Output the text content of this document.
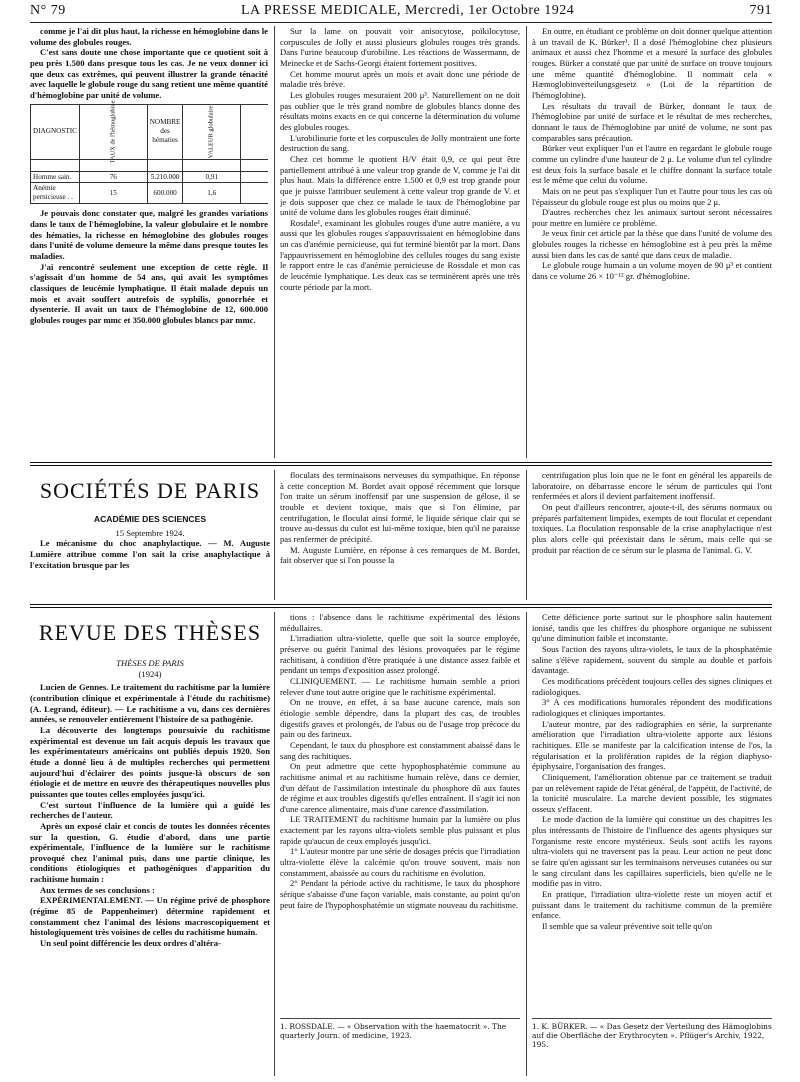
N° 79	LA PRESSE MEDICALE, Mercredi, 1er Octobre 1924	791

comme je l'ai dit plus haut, la richesse en hémoglobine dans le volume des globules rouges.

C'est sans doute une chose importante que ce quotient soit à peu près 1.500 dans presque tous les cas. Je ne veux donner ici que deux cas extrêmes, qui peuvent illustrer la grande ténacité avec laquelle le globule rouge du sang retient une même quantité d'hémoglobine par unité de volume.

DIAGNOSTIC	TAUX de l'hémoglobine	NOMBRE des hématies	VALEUR globulaire			

Homme sain.	76	5.210.000	0,91			
Anémie pernicieuse . .	15	600.000	1,6			

Je pouvais donc constater que, malgré les grandes variations dans le taux de l'hémoglobine, la valeur globulaire et le nombre des hématies, la richesse en hémoglobine des globules rouges dans l'unité de volume demeure la même dans presque toutes les maladies.

J'ai rencontré seulement une exception de cette règle. Il s'agissait d'un homme de 54 ans, qui avait les symptômes classiques de leucémie lymphatique. Il était malade depuis un mois et avait souffert autrefois de syphilis, gonorrhée et dysenterie. Il avait un taux de l'hémoglobine de 12, 600.000 globules rouges par mmc et 350.000 globules blancs par mmc.

Sur la lame on pouvait voir anisocytose, poïkilocytose, corpuscules de Jolly et aussi plusieurs globules rouges très grands. Dans l'urine beaucoup d'urobiline. Les réactions de Wassermann, de Meinecke et de Sachs-Georgi étaient fortement positives.

Cet homme mourut après un mois et avait donc une période de maladie très brève.

Les globules rouges mesuraient 200 μ³. Naturellement on ne doit pas oublier que le très grand nombre de globules blancs donne des résultats moins exacts en ce qui concerne la détermination du volume des globules rouges.

L'urobilinurie forte et les corpuscules de Jolly montraient une forte destruction du sang.

Chez cet homme le quotient H/V était 0,9, ce qui peut être partiellement attribué à une valeur trop grande de V, comme je l'ai dit plus haut. Mais la différence entre 1.500 et 0,9 est trop grande pour que je puisse l'attribuer seulement à cette valeur trop grande de V. et je dois supposer que chez ce malade le taux de l'hémoglobine par unité de volume dans les globules rouges était diminué.

Rosdale¹, examinant les globules rouges d'une autre manière, a vu aussi que les globules rouges s'appauvrissaient en hémoglobine dans un cas d'anémie pernicieuse, qui fut terminé bientôt par la mort. Dans l'appauvrissement en hémoglobine des cellules rouges du sang existe le rapport entre le cas d'anémie pernicieuse de Rossdale et mon cas de leucémie lymphatique. Les deux cas se terminèrent après une très courte période par la mort.

En outre, en étudiant ce problème on doit donner quelque attention à un travail de K. Bürker¹. Il a dosé l'hémoglobine chez plusieurs animaux et aussi chez l'homme et a mesuré la surface des globules rouges. Bürker a constaté que par unité de surface on trouve toujours une même quantité d'hémoglobine. Il nommait cela « Hæmoglobinverteilungsgesetz » (Loi de la répartition de l'hémoglobine).

Les résultats du travail de Bürker, donnant le taux de l'hémoglobine par unité de surface et le résultat de mes recherches, donnant le taux de l'hémoglobine par unité de volume, ne sont pas comparables sans précaution.

Bürker veut expliquer l'un et l'autre en regardant le globule rouge comme un cylindre d'une hauteur de 2 μ. Le volume d'un tel cylindre est deux fois la surface basale et le chiffre donnant la surface totale est le même que celui du volume.

Mais on ne peut pas s'expliquer l'un et l'autre pour tous les cas où l'épaisseur du globule rouge est plus ou moins que 2 μ.

D'autres recherches chez les animaux surtout seront nécessaires pour mettre en lumière ce problème.

Je veux finir cet article par la thèse que dans l'unité de volume des globules rouges la richesse en hémoglobine est à peu près la même aussi bien dans les cas de santé que dans ceux de maladie.

Le globule rouge humain a un volume moyen de 90 μ³ et contient dans ce volume 26 × 10⁻¹² gr. d'hémoglobine.

SOCIÉTÉS DE PARIS
ACADÉMIE DES SCIENCES

15 Septembre 1924.

Le mécanisme du choc anaphylactique. — M. Auguste Lumière attribue comme l'on sait la crise anaphylactique à l'excitation brusque par les

floculats des terminaisons nerveuses du sympathique. En réponse à cette conception M. Bordet avait opposé récemment que lorsque l'on traite un sérum inoffensif par une suspension de gélose, il se trouble et devient toxique, mais que si l'on élimine, par centrifugation, le floculat ainsi formé, le liquide sérique clair qui se trouve au-dessus du culot est lui-même toxique, bien qu'il ne paraisse pas renfermer de précipité.

M. Auguste Lumière, en réponse à ces remarques de M. Bordet, fait observer que si l'on pousse la

centrifugation plus loin que ne le font en général les appareils de laboratoire, on débarrasse encore le sérum de particules qui l'ont renfermées et alors il devient parfaitement inoffensif.

On peut d'ailleurs rencontrer, ajoute-t-il, des sérums normaux ou préparés parfaitement limpides, exempts de tout floculat et cependant toxiques. La floculation responsable de la crise anaphylactique n'est plus alors celle qui préexistait dans le sérum, mais celle qui se produit par réaction de ce sérum sur le plasma de l'animal. G. V.

REVUE DES THÈSES

THÈSES DE PARIS

(1924)

Lucien de Gennes. Le traitement du rachitisme par la lumière (contribution clinique et expérimentale à l'étude du rachitisme) (A. Legrand, éditeur). — Le rachitisme a vu, dans ces dernières années, se renouveler entièrement l'histoire de sa pathogénie.

La découverte des longtemps poursuivie du rachitisme expérimental est devenue un fait acquis depuis les travaux que les expérimentateurs américains ont publiés depuis 1920. Son étude a donné lieu à de multiples recherches qui permettent aujourd'hui d'éclairer des points jusque-là obscurs de son étiologie et de mettre en œuvre des thérapeutiques nouvelles plus puissantes que toutes celles employées jusqu'ici.

C'est surtout l'influence de la lumière qui a guidé les recherches de l'auteur.

Après un exposé clair et concis de toutes les données récentes sur la question, G. étudie d'abord, dans une partie expérimentale, l'influence de la lumière sur le rachitisme provoqué chez l'animal puis, dans une partie clinique, les conditions étiologiques et pathogéniques d'apparition du rachitisme humain :

Aux termes de ses conclusions :

EXPÉRIMENTALEMENT. — Un régime privé de phosphore (régime 85 de Pappenheimer) détermine rapidement et constamment chez l'animal des lésions macroscopiquement et histologiquement très voisines de celles du rachitisme humain.

Un seul point différencie les deux ordres d'altéra-

tions : l'absence dans le rachitisme expérimental des lésions médullaires.

L'irradiation ultra-violette, quelle que soit la source employée, préserve ou guérit l'animal des lésions provoquées par le régime rachitisant, à condition d'être pratiquée à une distance assez faible et pendant un temps d'exposition assez prolongé.

CLINIQUEMENT. — Le rachitisme humain semble a priori relever d'une tout autre origine que le rachitisme expérimental.

On ne trouve, en effet, à sa base aucune carence, mais son étiologie semble dépendre, dans la plupart des cas, de troubles digestifs graves et prolongés, de l'abus ou de l'usage trop précoce du pain ou des farineux.

Cependant, le taux du phosphore est constamment abaissé dans le sang des rachitiques.

On peut admettre que cette hypophosphatémie commune au rachitisme animal et au rachitisme humain relève, dans ce dernier, d'un défaut de l'assimilation intestinale du phosphore dû aux fautes de régime et aux troubles digestifs qu'elles entraînent. Il s'agit ici non d'une carence alimentaire, mais d'une carence d'assimilation.

LE TRAITEMENT du rachitisme humain par la lumière ou plus exactement par les rayons ultra-violets semble plus puissant et plus rapide qu'aucun de ceux employés jusqu'ici.

1° L'auteur montre par une série de dosages précis que l'irradiation ultra-violette élève la calcémie qu'on trouve souvent, mais non constamment, abaissée au cours du rachitisme en évolution.

2° Pendant la période active du rachitisme, le taux du phosphore sérique s'abaisse d'une façon variable, mais constante, au point qu'on peut faire de l'hypophosphatémie un stigmate nouveau du rachitisme.

1. ROSSDALE. — « Observation with the haematocrit ». The quarterly Journ. of medicine, 1923.

Cette déficience porte surtout sur le phosphore salin hautement ionisé, tandis que les chiffres du phosphore organique ne subissent qu'une diminution faible et inconstante.

Sous l'action des rayons ultra-violets, le taux de la phosphatémie saline s'élève rapidement, souvent du simple au double et parfois davantage.

Ces modifications précèdent toujours celles des signes cliniques et radiologiques.

3° A ces modifications humorales répondent des modifications radiologiques et cliniques importantes.

L'auteur montre, par des radiographies en série, la surprenante amélioration que l'irradiation ultra-violette apporte aux lésions rachitiques. Elle se manifeste par la calcification intense de l'os, la régularisation et la prolifération rapides de la région diaphyso-épiphysaire, l'organisation des franges.

Cliniquement, l'amélioration obtenue par ce traitement se traduit par un relèvement rapide de l'état général, de l'appétit, de l'activité, de la tonicité musculaire. La marche devient possible, les stigmates osseux s'effacent.

Le mode d'action de la lumière qui constitue un des chapitres les plus intéressants de l'histoire de l'influence des agents physiques sur l'organisme reste encore mystérieux. Seuls sont actifs les rayons ultra-violets qui ne traversent pas la peau. Leur action ne peut donc se faire qu'en agissant sur les terminaisons nerveuses cutanées ou sur le sang circulant dans les capillaires superficiels, bien qu'elle ne le modifie pas in vitro.

En pratique, l'irradiation ultra-violette reste un moyen actif et puissant dans le traitement du rachitisme commun de la première enfance.

Il semble que sa valeur préventive soit telle qu'on

1. K. BÜRKER. — « Das Gesetz der Verteilung des Hämoglobins auf die Oberfläche der Erythrocyten ». Pflüger's Archiv, 1922, 195.
